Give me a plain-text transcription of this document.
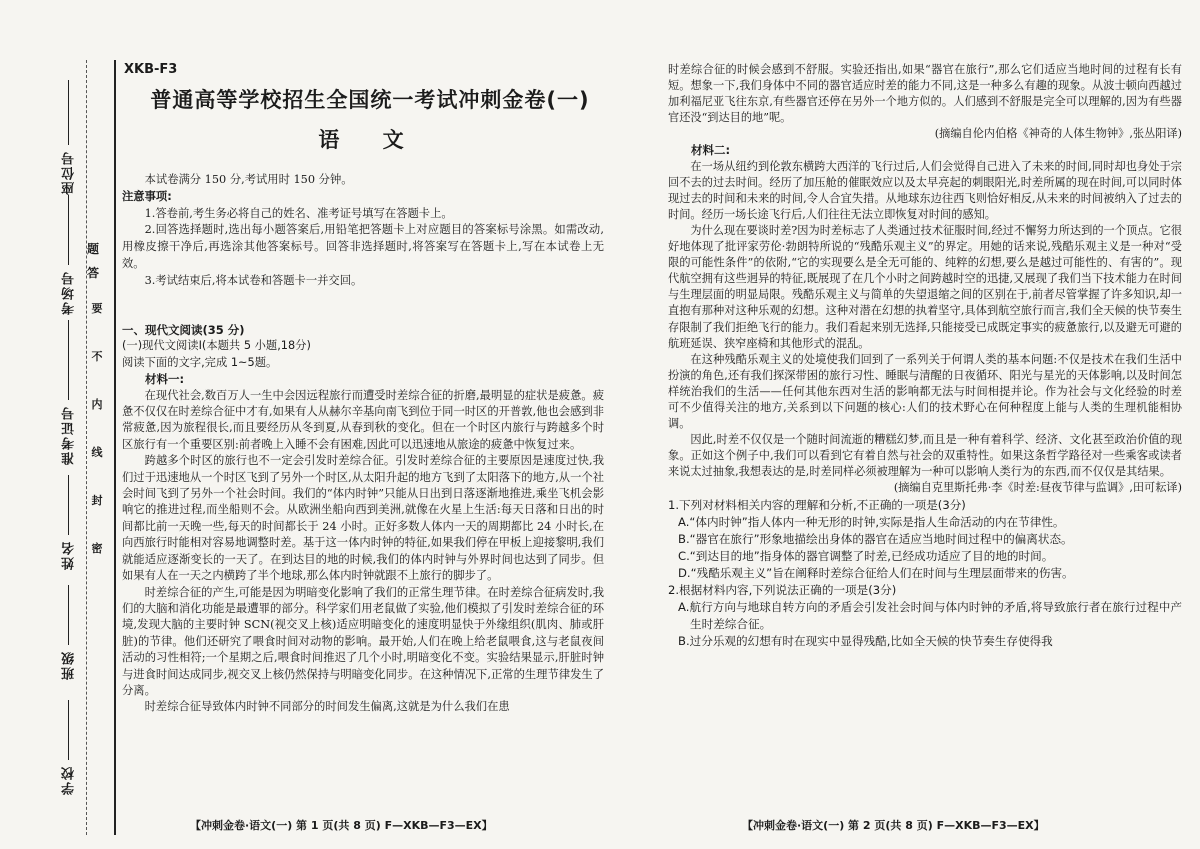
座位号
考场号
准考证号
姓名
班级
学校
答
题
要
不
内
线
封
密
XKB-F3
普通高等学校招生全国统一考试冲刺金卷(一)
语 文

本试卷满分 150 分,考试用时 150 分钟。

注意事项:

1.答卷前,考生务必将自己的姓名、准考证号填写在答题卡上。

2.回答选择题时,选出每小题答案后,用铅笔把答题卡上对应题目的答案标号涂黑。如需改动,用橡皮擦干净后,再选涂其他答案标号。回答非选择题时,将答案写在答题卡上,写在本试卷上无效。

3.考试结束后,将本试卷和答题卡一并交回。

一、现代文阅读(35 分)

(一)现代文阅读Ⅰ(本题共 5 小题,18分)

阅读下面的文字,完成 1~5题。

材料一:

在现代社会,数百万人一生中会因远程旅行而遭受时差综合征的折磨,最明显的症状是疲惫。疲惫不仅仅在时差综合征中才有,如果有人从赫尔辛基向南飞到位于同一时区的开普敦,他也会感到非常疲惫,因为旅程很长,而且要经历从冬到夏,从春到秋的变化。但在一个时区内旅行与跨越多个时区旅行有一个重要区别:前者晚上入睡不会有困难,因此可以迅速地从旅途的疲惫中恢复过来。

跨越多个时区的旅行也不一定会引发时差综合征。引发时差综合征的主要原因是速度过快,我们过于迅速地从一个时区飞到了另外一个时区,从太阳升起的地方飞到了太阳落下的地方,从一个社会时间飞到了另外一个社会时间。我们的“体内时钟”只能从日出到日落逐渐地推进,乘坐飞机会影响它的推进过程,而坐船则不会。从欧洲坐船向西到美洲,就像在火星上生活:每天日落和日出的时间都比前一天晚一些,每天的时间都长于 24 小时。正好多数人体内一天的周期都比 24 小时长,在向西旅行时能相对容易地调整时差。基于这一体内时钟的特征,如果我们停在甲板上迎接黎明,我们就能适应逐渐变长的一天了。在到达目的地的时候,我们的体内时钟与外界时间也达到了同步。但如果有人在一天之内横跨了半个地球,那么体内时钟就跟不上旅行的脚步了。

时差综合征的产生,可能是因为明暗变化影响了我们的正常生理节律。在时差综合征病发时,我们的大脑和消化功能是最遭罪的部分。科学家们用老鼠做了实验,他们模拟了引发时差综合征的环境,发现大脑的主要时钟 SCN(视交叉上核)适应明暗变化的速度明显快于外缘组织(肌肉、肺或肝脏)的节律。他们还研究了喂食时间对动物的影响。最开始,人们在晚上给老鼠喂食,这与老鼠夜间活动的习性相符;一个星期之后,喂食时间推迟了几个小时,明暗变化不变。实验结果显示,肝脏时钟与进食时间达成同步,视交叉上核仍然保持与明暗变化同步。在这种情况下,正常的生理节律发生了分离。

时差综合征导致体内时钟不同部分的时间发生偏离,这就是为什么我们在患

【冲刺金卷·语文(一) 第 1 页(共 8 页) F—XKB—F3—EX】

时差综合征的时候会感到不舒服。实验还指出,如果“器官在旅行”,那么它们适应当地时间的过程有长有短。想象一下,我们身体中不同的器官适应时差的能力不同,这是一种多么有趣的现象。从波士顿向西越过加利福尼亚飞往东京,有些器官还停在另外一个地方似的。人们感到不舒服是完全可以理解的,因为有些器官还没“到达目的地”呢。

(摘编自伦内伯格《神奇的人体生物钟》,张丛阳译)

材料二:

在一场从纽约到伦敦东横跨大西洋的飞行过后,人们会觉得自己进入了未来的时间,同时却也身处于宗回不去的过去时间。经历了加压舱的催眠效应以及太早亮起的刺眼阳光,时差所属的现在时间,可以同时体现过去的时间和未来的时间,令人合宜失措。从地球东边往西飞则恰好相反,从未来的时间被纳入了过去的时间。经历一场长途飞行后,人们往往无法立即恢复对时间的感知。

为什么现在要谈时差?因为时差标志了人类通过技术征服时间,经过不懈努力所达到的一个顶点。它很好地体现了批评家劳伦·勃朗特所说的“残酷乐观主义”的界定。用她的话来说,残酷乐观主义是一种对“受限的可能性条件”的依附,“它的实现要么是全无可能的、纯粹的幻想,要么是越过可能性的、有害的”。现代航空拥有这些迥异的特征,既展现了在几个小时之间跨越时空的迅捷,又展现了我们当下技术能力在时间与生理层面的明显局限。残酷乐观主义与简单的失望退缩之间的区别在于,前者尽管掌握了许多知识,却一直抱有那种对这种乐观的幻想。这种对潜在幻想的执着坚守,具体到航空旅行而言,我们全天候的快节奏生存限制了我们拒绝飞行的能力。我们看起来别无选择,只能接受已成既定事实的疲惫旅行,以及避无可避的航班延误、狭窄座椅和其他形式的混乱。

在这种残酷乐观主义的处境使我们回到了一系列关于何谓人类的基本问题:不仅是技术在我们生活中扮演的角色,还有我们探深带困的旅行习性、睡眠与清醒的日夜循环、阳光与星光的天体影响,以及时间怎样统治我们的生活——任何其他东西对生活的影响都无法与时间相提并论。作为社会与文化经验的时差可不少值得关注的地方,关系到以下问题的核心:人们的技术野心在何种程度上能与人类的生理机能相协调。

因此,时差不仅仅是一个随时间流逝的糟糕幻梦,而且是一种有着科学、经济、文化甚至政治价值的现象。正如这个例子中,我们可以看到它有着自然与社会的双重特性。如果这条哲学路径对一些乘客或读者来说太过抽象,我想表达的是,时差同样必须被理解为一种可以影响人类行为的东西,而不仅仅是其结果。

(摘编自克里斯托弗·李《时差:昼夜节律与监调》,田可耘译)

1.下列对材料相关内容的理解和分析,不正确的一项是(3分)

A.“体内时钟”指人体内一种无形的时钟,实际是指人生命活动的内在节律性。

B.“器官在旅行”形象地描绘出身体的器官在适应当地时间过程中的偏离状态。

C.“到达目的地”指身体的器官调整了时差,已经成功适应了目的地的时间。

D.“残酷乐观主义”旨在阐释时差综合征给人们在时间与生理层面带来的伤害。

2.根据材料内容,下列说法正确的一项是(3分)

A.航行方向与地球自转方向的矛盾会引发社会时间与体内时钟的矛盾,将导致旅行者在旅行过程中产生时差综合征。

B.过分乐观的幻想有时在现实中显得残酷,比如全天候的快节奏生存使得我

【冲刺金卷·语文(一) 第 2 页(共 8 页) F—XKB—F3—EX】
